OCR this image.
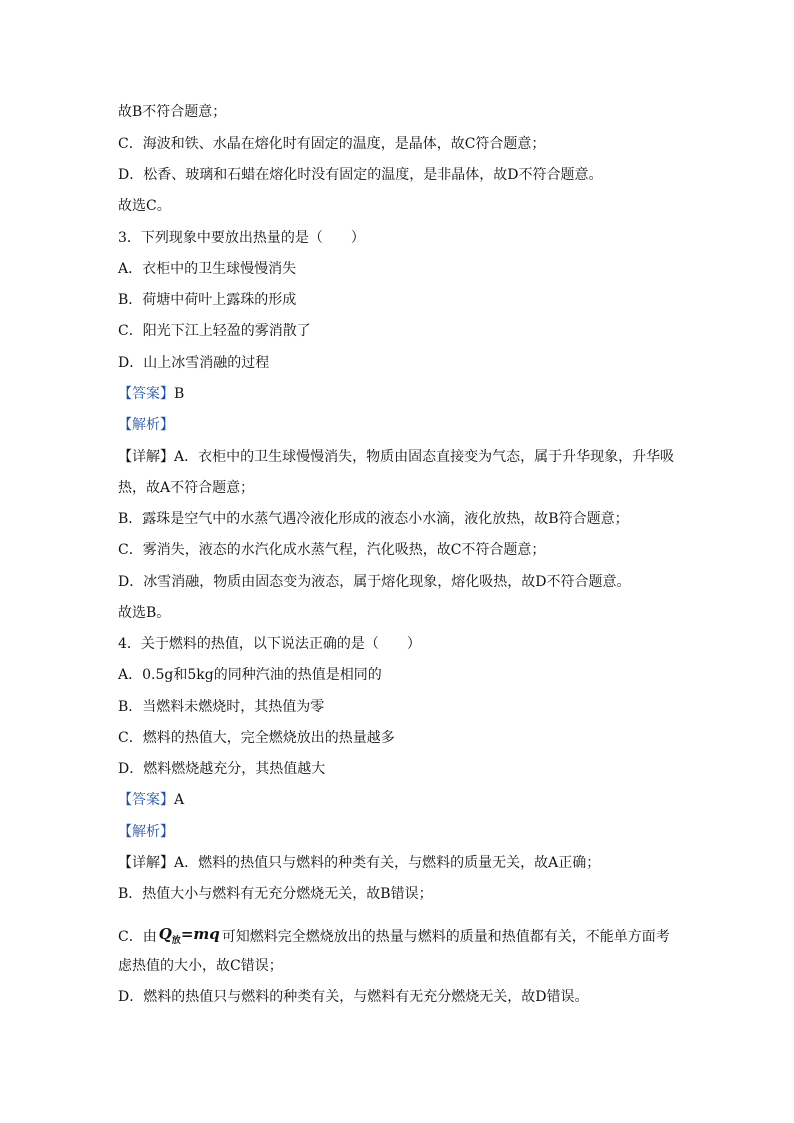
故B不符合题意；
C．海波和铁、水晶在熔化时有固定的温度，是晶体，故C符合题意；
D．松香、玻璃和石蜡在熔化时没有固定的温度，是非晶体，故D不符合题意。
故选C。
3．下列现象中要放出热量的是（　　）
A．衣柜中的卫生球慢慢消失
B．荷塘中荷叶上露珠的形成
C．阳光下江上轻盈的雾消散了
D．山上冰雪消融的过程
【答案】B
【解析】
【详解】A．衣柜中的卫生球慢慢消失，物质由固态直接变为气态，属于升华现象，升华吸
热，故A不符合题意；
B．露珠是空气中的水蒸气遇冷液化形成的液态小水滴，液化放热，故B符合题意；
C．雾消失，液态的水汽化成水蒸气程，汽化吸热，故C不符合题意；
D．冰雪消融，物质由固态变为液态，属于熔化现象，熔化吸热，故D不符合题意。
故选B。
4．关于燃料的热值，以下说法正确的是（　　）
A．0.5g和5kg的同种汽油的热值是相同的
B．当燃料未燃烧时，其热值为零
C．燃料的热值大，完全燃烧放出的热量越多
D．燃料燃烧越充分，其热值越大
【答案】A
【解析】
【详解】A．燃料的热值只与燃料的种类有关，与燃料的质量无关，故A正确；
B．热值大小与燃料有无充分燃烧无关，故B错误；
C．由 $Q_放=mq$ 可知燃料完全燃烧放出的热量与燃料的质量和热值都有关，不能单方面考
虑热值的大小，故C错误；
D．燃料的热值只与燃料的种类有关，与燃料有无充分燃烧无关，故D错误。
